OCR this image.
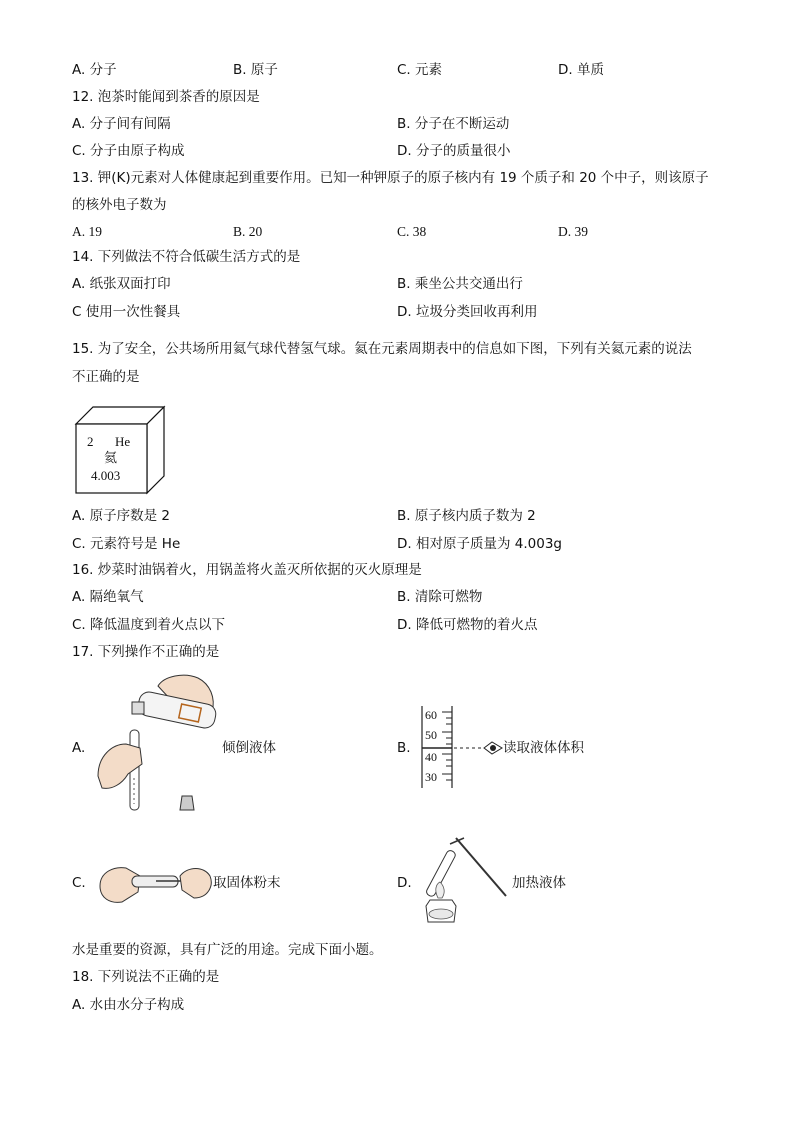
A. 分子	B. 原子	C. 元素	D. 单质
12. 泡茶时能闻到茶香的原因是
A. 分子间有间隔	B. 分子在不断运动
C. 分子由原子构成	D. 分子的质量很小
13. 钾(K)元素对人体健康起到重要作用。已知一种钾原子的原子核内有 19 个质子和 20 个中子，则该原子
的核外电子数为
A. 19	B. 20	C. 38	D. 39
14. 下列做法不符合低碳生活方式的是
A. 纸张双面打印	B. 乘坐公共交通出行
C 使用一次性餐具	D. 垃圾分类回收再利用
15. 为了安全，公共场所用氦气球代替氢气球。氦在元素周期表中的信息如下图，下列有关氦元素的说法
不正确的是
2 He
氦
4.003
A. 原子序数是 2	B. 原子核内质子数为 2
C. 元素符号是 He	D. 相对原子质量为 4.003g
16. 炒菜时油锅着火，用锅盖将火盖灭所依据的灭火原理是
A. 隔绝氧气	B. 清除可燃物
C. 降低温度到着火点以下	D. 降低可燃物的着火点
17. 下列操作不正确的是
A.	倾倒液体	B.
60
50
40
30
读取液体体积
C.	取固体粉末	D.	加热液体
水是重要的资源，具有广泛的用途。完成下面小题。
18. 下列说法不正确的是
A. 水由水分子构成
